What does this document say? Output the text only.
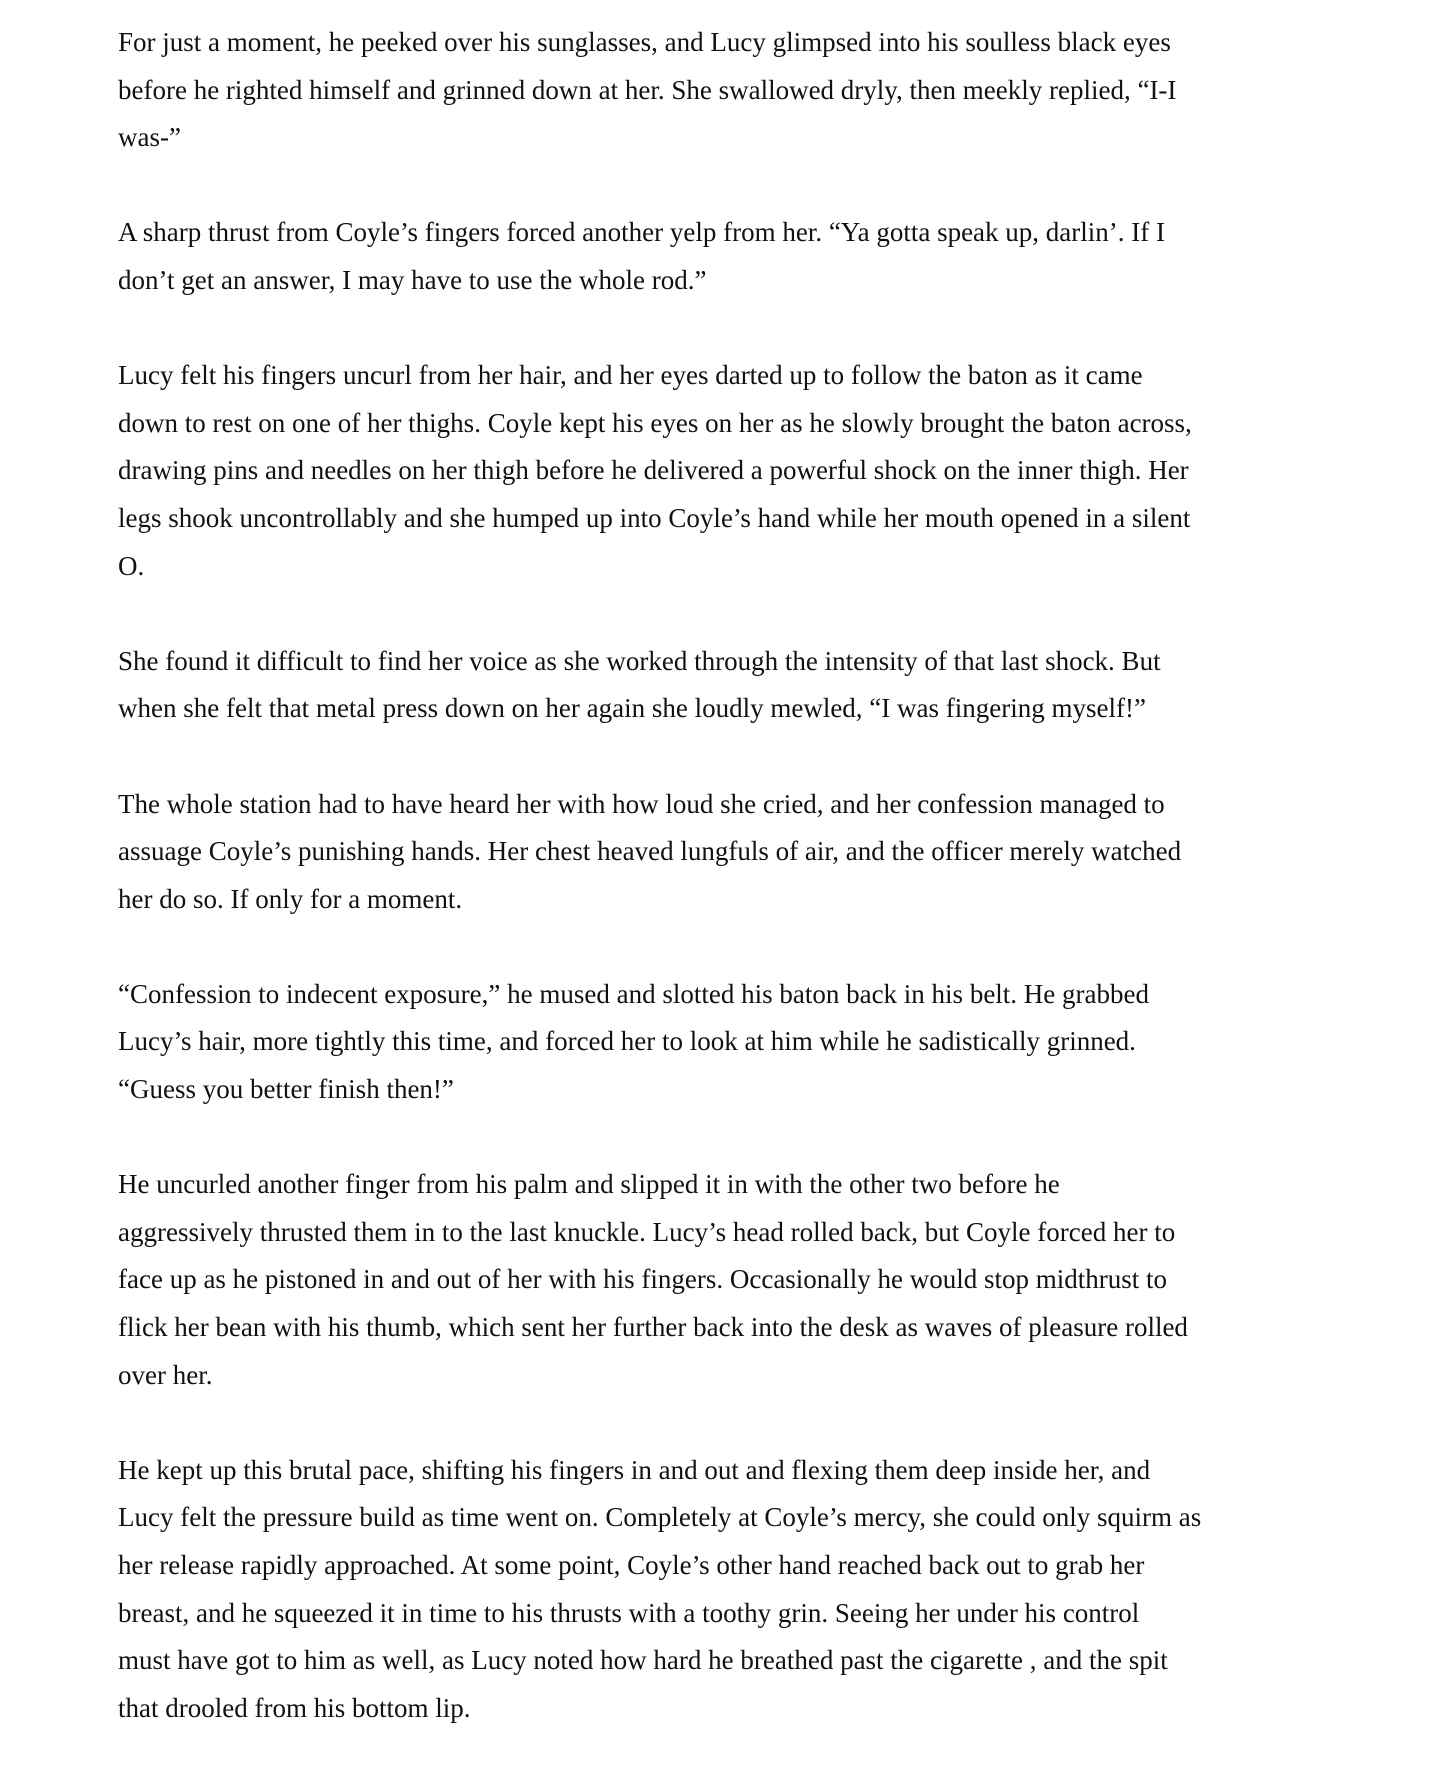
For just a moment, he peeked over his sunglasses, and Lucy glimpsed into his soulless black eyes
before he righted himself and grinned down at her. She swallowed dryly, then meekly replied, “I-I
was-”

A sharp thrust from Coyle’s fingers forced another yelp from her. “Ya gotta speak up, darlin’. If I
don’t get an answer, I may have to use the whole rod.”

Lucy felt his fingers uncurl from her hair, and her eyes darted up to follow the baton as it came
down to rest on one of her thighs. Coyle kept his eyes on her as he slowly brought the baton across,
drawing pins and needles on her thigh before he delivered a powerful shock on the inner thigh. Her
legs shook uncontrollably and she humped up into Coyle’s hand while her mouth opened in a silent
O.

She found it difficult to find her voice as she worked through the intensity of that last shock. But
when she felt that metal press down on her again she loudly mewled, “I was fingering myself!”

The whole station had to have heard her with how loud she cried, and her confession managed to
assuage Coyle’s punishing hands. Her chest heaved lungfuls of air, and the officer merely watched
her do so. If only for a moment.

“Confession to indecent exposure,” he mused and slotted his baton back in his belt. He grabbed
Lucy’s hair, more tightly this time, and forced her to look at him while he sadistically grinned.
“Guess you better finish then!”

He uncurled another finger from his palm and slipped it in with the other two before he
aggressively thrusted them in to the last knuckle. Lucy’s head rolled back, but Coyle forced her to
face up as he pistoned in and out of her with his fingers. Occasionally he would stop midthrust to
flick her bean with his thumb, which sent her further back into the desk as waves of pleasure rolled
over her.

He kept up this brutal pace, shifting his fingers in and out and flexing them deep inside her, and
Lucy felt the pressure build as time went on. Completely at Coyle’s mercy, she could only squirm as
her release rapidly approached. At some point, Coyle’s other hand reached back out to grab her
breast, and he squeezed it in time to his thrusts with a toothy grin. Seeing her under his control
must have got to him as well, as Lucy noted how hard he breathed past the cigarette , and the spit
that drooled from his bottom lip.
